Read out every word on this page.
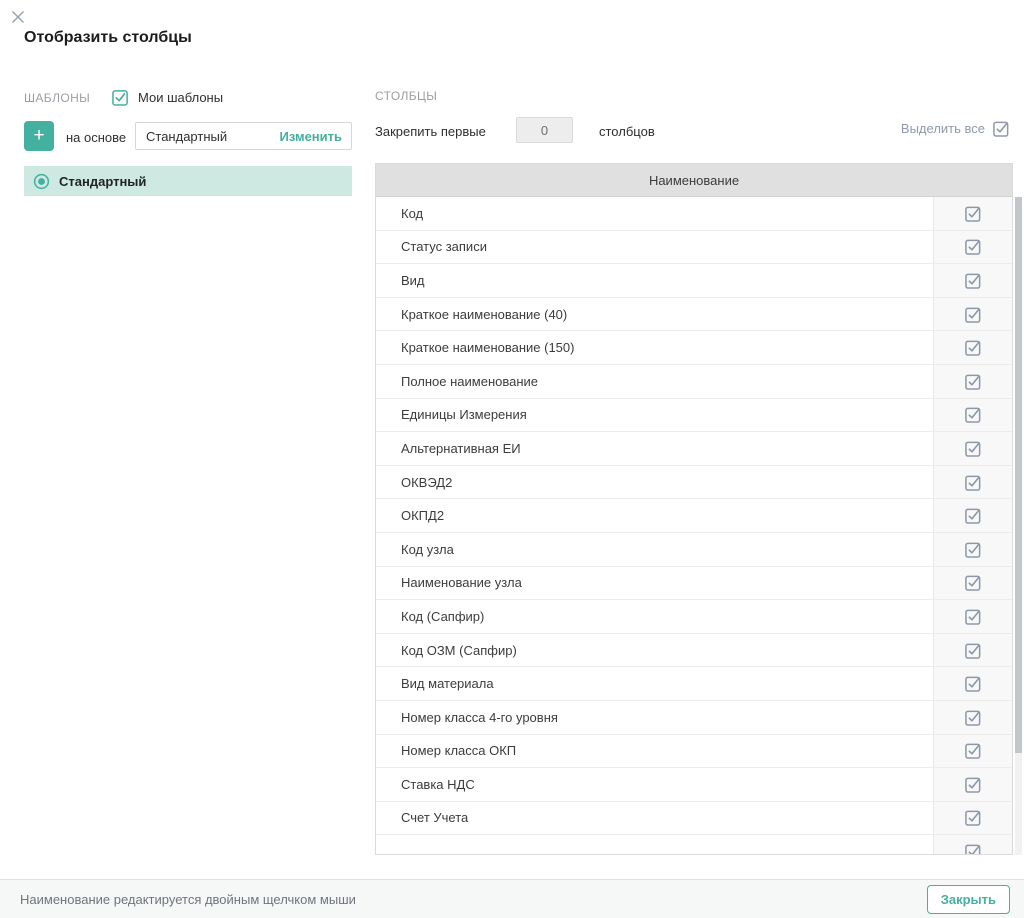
Отобразить столбцы
ШАБЛОНЫ	Мои шаблоны
+	на основе	Стандартный	Изменить
Стандартный
СТОЛБЦЫ
Закрепить первые
0	столбцов	Выделить все
Наименование
Код
Статус записи
Вид
Краткое наименование (40)
Краткое наименование (150)
Полное наименование
Единицы Измерения
Альтернативная ЕИ
ОКВЭД2
ОКПД2
Код узла
Наименование узла
Код (Сапфир)
Код ОЗМ (Сапфир)
Вид материала
Номер класса 4-го уровня
Номер класса ОКП
Ставка НДС
Счет Учета
Наименование редактируется двойным щелчком мыши	Закрыть
